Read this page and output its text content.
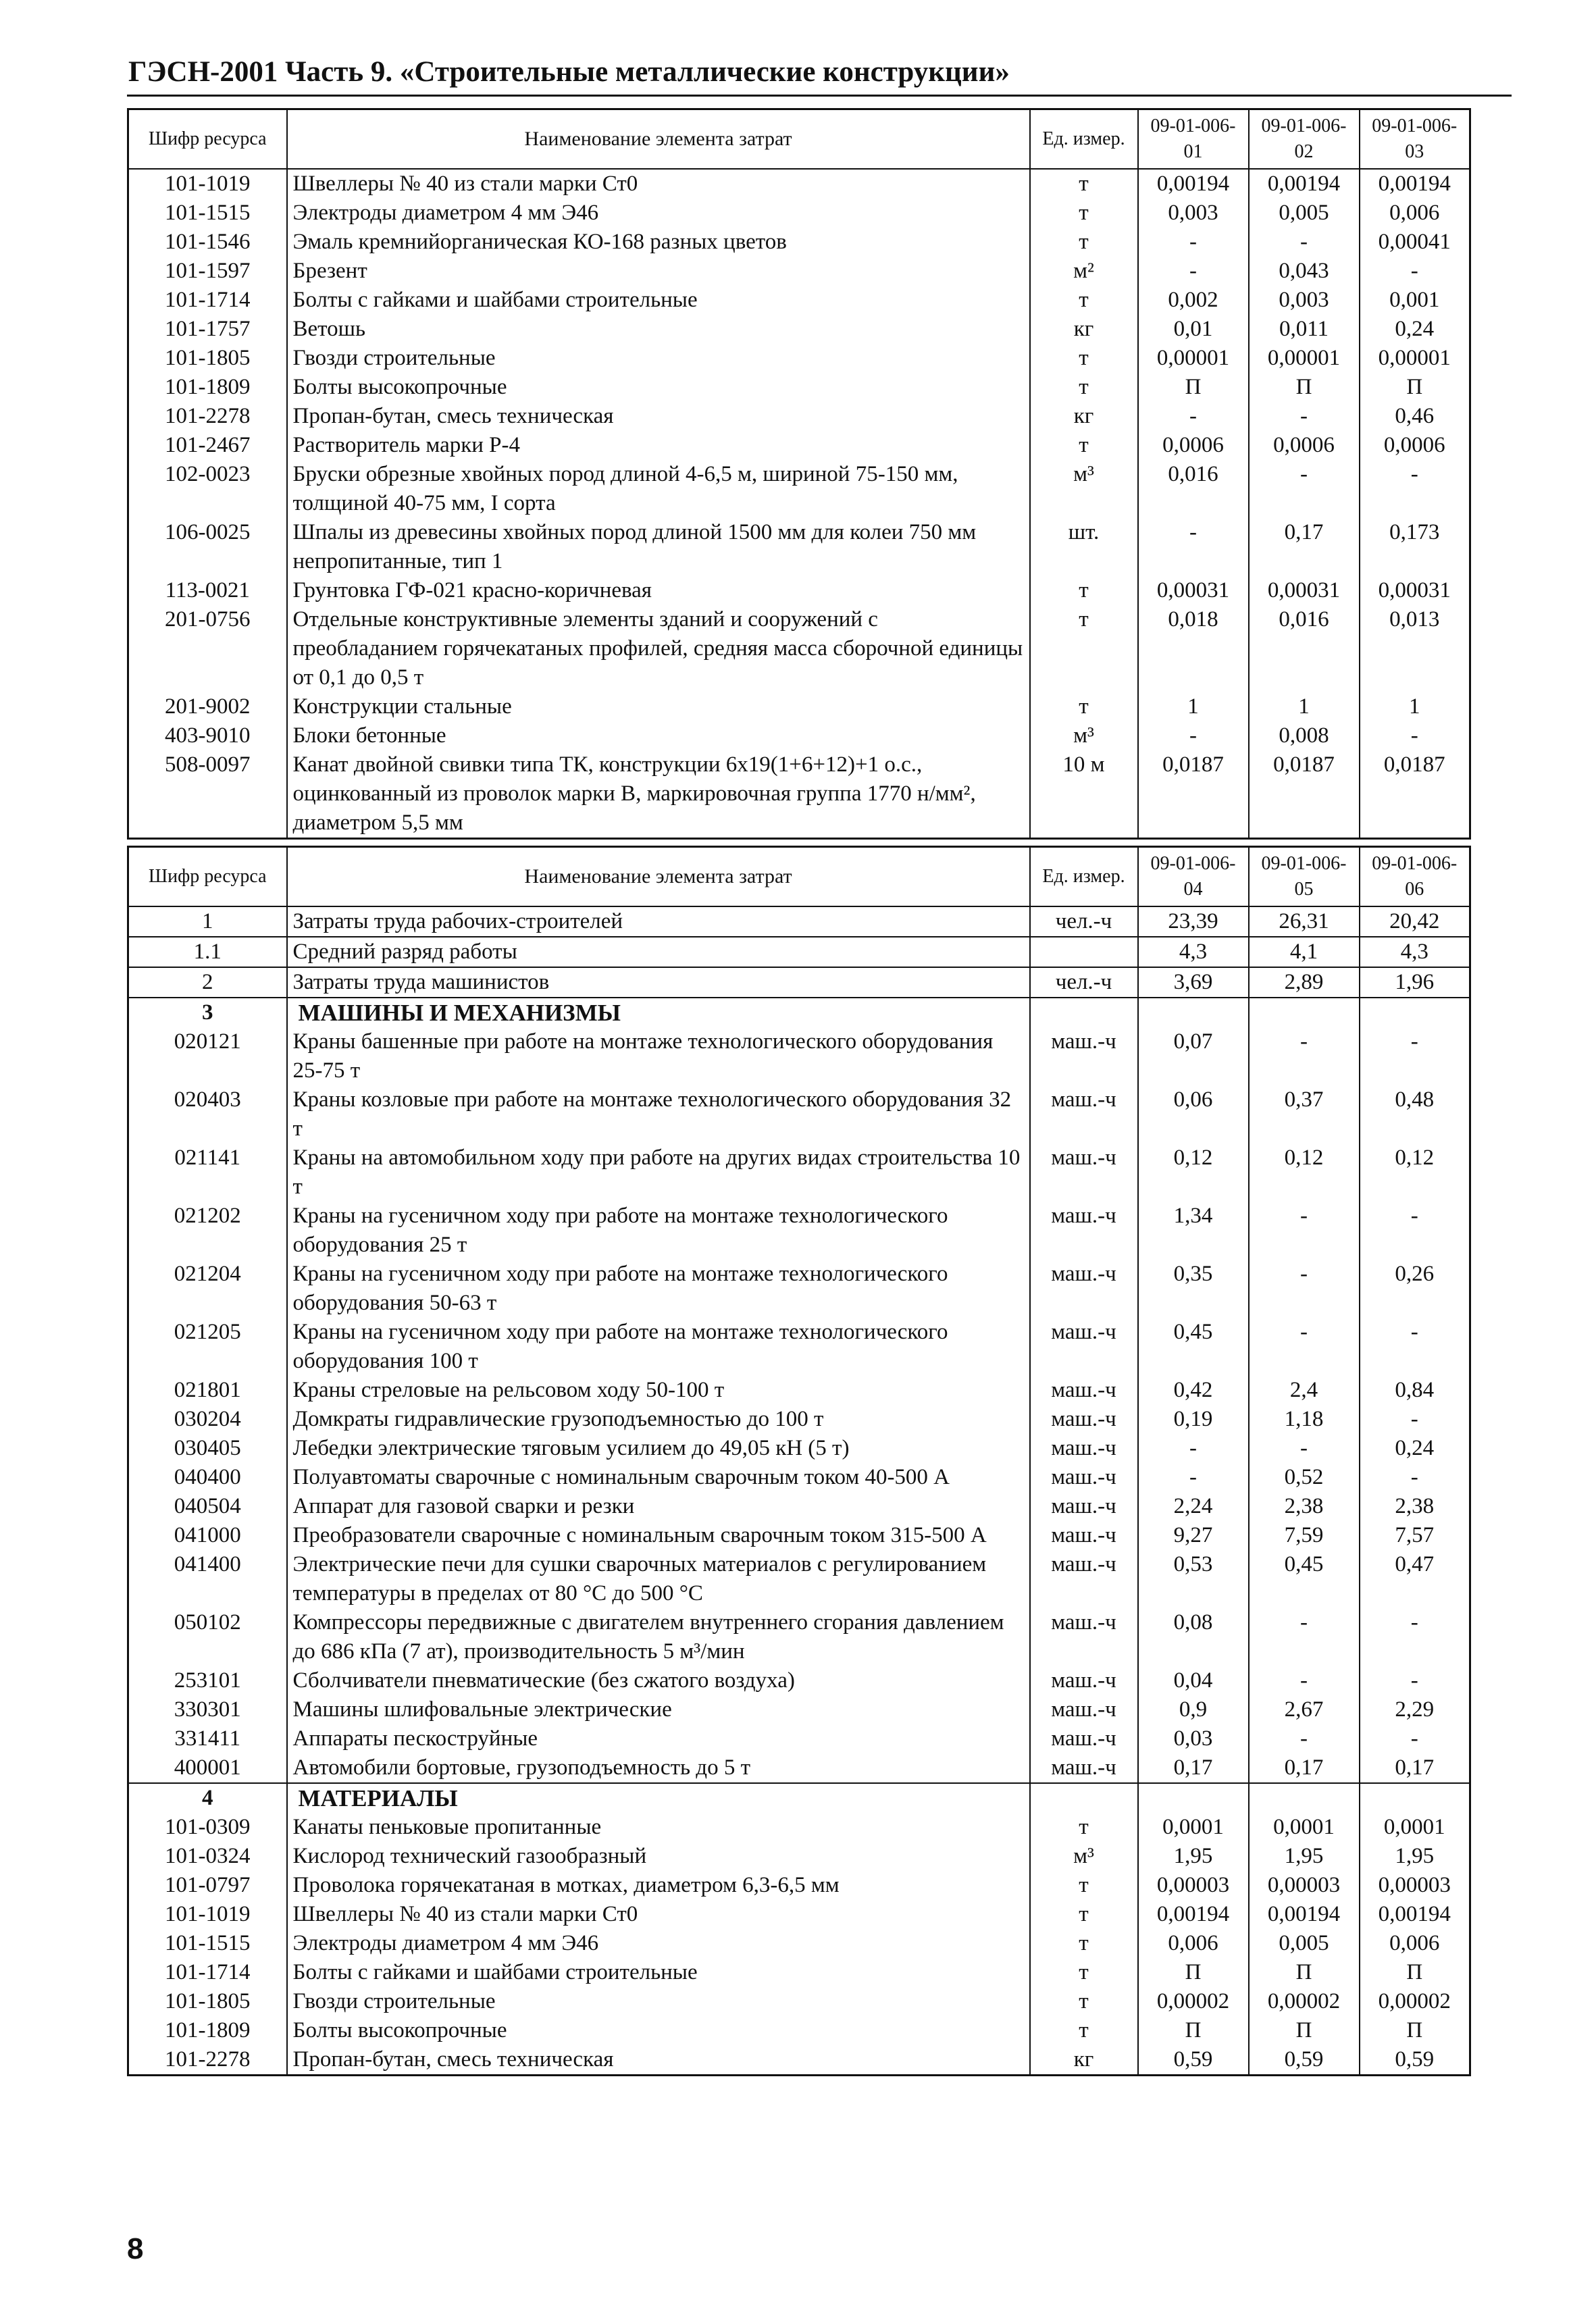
ГЭСН-2001 Часть 9. «Строительные металлические конструкции»
Шифр ресурса	Наименование элемента затрат	Ед. измер.	09-01-006-01	09-01-006-02	09-01-006-03
101-1019	Швеллеры № 40 из стали марки Ст0	т	0,00194	0,00194	0,00194
101-1515	Электроды диаметром 4 мм Э46	т	0,003	0,005	0,006
101-1546	Эмаль кремнийорганическая КО-168 разных цветов	т	-	-	0,00041
101-1597	Брезент	м²	-	0,043	-
101-1714	Болты с гайками и шайбами строительные	т	0,002	0,003	0,001
101-1757	Ветошь	кг	0,01	0,011	0,24
101-1805	Гвозди строительные	т	0,00001	0,00001	0,00001
101-1809	Болты высокопрочные	т	П	П	П
101-2278	Пропан-бутан, смесь техническая	кг	-	-	0,46
101-2467	Растворитель марки Р-4	т	0,0006	0,0006	0,0006
102-0023	Бруски обрезные хвойных пород длиной 4-6,5 м, шириной 75-150 мм, толщиной 40-75 мм, I сорта	м³	0,016	-	-
106-0025	Шпалы из древесины хвойных пород длиной 1500 мм для колеи 750 мм непропитанные, тип 1	шт.	-	0,17	0,173
113-0021	Грунтовка ГФ-021 красно-коричневая	т	0,00031	0,00031	0,00031
201-0756	Отдельные конструктивные элементы зданий и сооружений с преобладанием горячекатаных профилей, средняя масса сборочной единицы от 0,1 до 0,5 т	т	0,018	0,016	0,013
201-9002	Конструкции стальные	т	1	1	1
403-9010	Блоки бетонные	м³	-	0,008	-
508-0097	Канат двойной свивки типа ТК, конструкции 6х19(1+6+12)+1 о.с., оцинкованный из проволок марки В, маркировочная группа 1770 н/мм², диаметром 5,5 мм	10 м	0,0187	0,0187	0,0187
Шифр ресурса	Наименование элемента затрат	Ед. измер.	09-01-006-04	09-01-006-05	09-01-006-06
1	Затраты труда рабочих-строителей	чел.-ч	23,39	26,31	20,42
1.1	Средний разряд работы		4,3	4,1	4,3
2	Затраты труда машинистов	чел.-ч	3,69	2,89	1,96
3	МАШИНЫ И МЕХАНИЗМЫ				
020121	Краны башенные при работе на монтаже технологического оборудования 25-75 т	маш.-ч	0,07	-	-
020403	Краны козловые при работе на монтаже технологического оборудования 32 т	маш.-ч	0,06	0,37	0,48
021141	Краны на автомобильном ходу при работе на других видах строительства 10 т	маш.-ч	0,12	0,12	0,12
021202	Краны на гусеничном ходу при работе на монтаже технологического оборудования 25 т	маш.-ч	1,34	-	-
021204	Краны на гусеничном ходу при работе на монтаже технологического оборудования 50-63 т	маш.-ч	0,35	-	0,26
021205	Краны на гусеничном ходу при работе на монтаже технологического оборудования 100 т	маш.-ч	0,45	-	-
021801	Краны стреловые на рельсовом ходу 50-100 т	маш.-ч	0,42	2,4	0,84
030204	Домкраты гидравлические грузоподъемностью до 100 т	маш.-ч	0,19	1,18	-
030405	Лебедки электрические тяговым усилием до 49,05 кН (5 т)	маш.-ч	-	-	0,24
040400	Полуавтоматы сварочные с номинальным сварочным током 40-500 А	маш.-ч	-	0,52	-
040504	Аппарат для газовой сварки и резки	маш.-ч	2,24	2,38	2,38
041000	Преобразователи сварочные с номинальным сварочным током 315-500 А	маш.-ч	9,27	7,59	7,57
041400	Электрические печи для сушки сварочных материалов с регулированием температуры в пределах от 80 °С до 500 °С	маш.-ч	0,53	0,45	0,47
050102	Компрессоры передвижные с двигателем внутреннего сгорания давлением до 686 кПа (7 ат), производительность 5 м³/мин	маш.-ч	0,08	-	-
253101	Сболчиватели пневматические (без сжатого воздуха)	маш.-ч	0,04	-	-
330301	Машины шлифовальные электрические	маш.-ч	0,9	2,67	2,29
331411	Аппараты пескоструйные	маш.-ч	0,03	-	-
400001	Автомобили бортовые, грузоподъемность до 5 т	маш.-ч	0,17	0,17	0,17
4	МАТЕРИАЛЫ				
101-0309	Канаты пеньковые пропитанные	т	0,0001	0,0001	0,0001
101-0324	Кислород технический газообразный	м³	1,95	1,95	1,95
101-0797	Проволока горячекатаная в мотках, диаметром 6,3-6,5 мм	т	0,00003	0,00003	0,00003
101-1019	Швеллеры № 40 из стали марки Ст0	т	0,00194	0,00194	0,00194
101-1515	Электроды диаметром 4 мм Э46	т	0,006	0,005	0,006
101-1714	Болты с гайками и шайбами строительные	т	П	П	П
101-1805	Гвозди строительные	т	0,00002	0,00002	0,00002
101-1809	Болты высокопрочные	т	П	П	П
101-2278	Пропан-бутан, смесь техническая	кг	0,59	0,59	0,59
8
